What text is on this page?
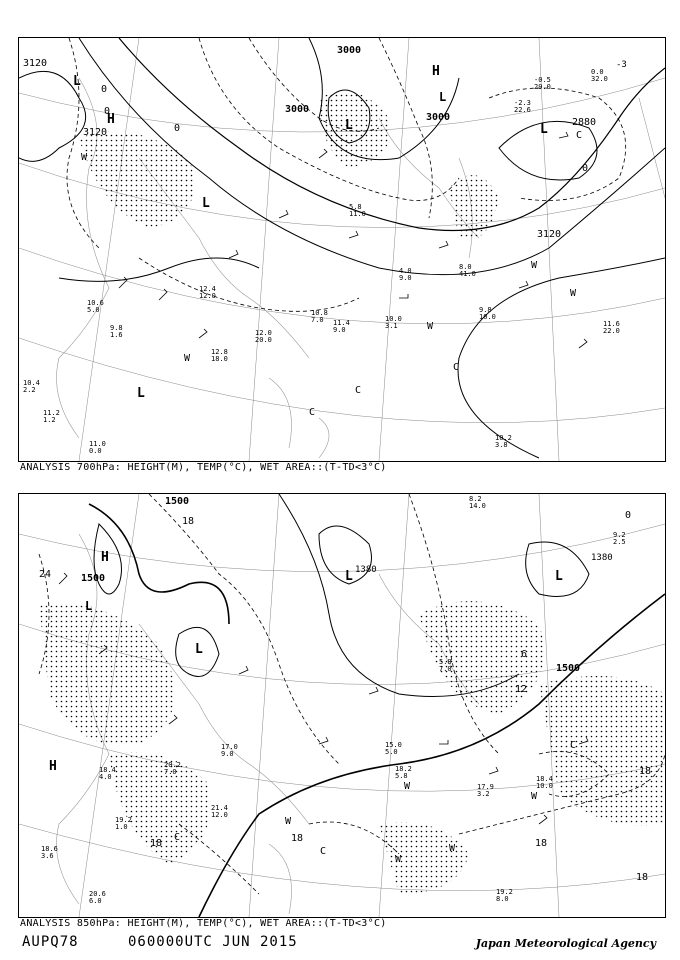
L
H	L	L
L
H
L
L
W
W
W
W
W
C
C
C
C
3120
3120
3000
3000
3000	2880
3120
0
0
0
-3
0
10.6
5.0
9.8
1.6
10.4
2.2
11.2
1.2
11.0
0.0
12.8
18.0
12.0
20.0
10.8
7.0	11.4
9.0
10.0
3.1
9.8
10.0
11.6
22.0
10.2
3.8
8.0
41.0
-2.3
22.6
-0.5
29.0
0.0
32.0
5.8
11.0
12.4
12.0
4.0
9.0
ANALYSIS 700hPa: HEIGHT(M), TEMP(°C), WET AREA::(T-TD<3°C)
H
L	L
L
L
H
W
W
W
W
C
C
C
W
1500
1500
1500
1380
1380
24
18
18	18	18
18
18
6
0
12
17.9
3.2
18.4
10.0
19.2
8.0
20.6
6.0
18.4
4.0
19.2
1.0
21.4
12.0
15.0
5.0
18.2
5.8
17.0
9.0
20.2
7.0
18.6
3.6
8.2
14.0
9.2
2.5
5.8
7.0
ANALYSIS 850hPa: HEIGHT(M), TEMP(°C), WET AREA::(T-TD<3°C)
AUPQ78	060000UTC JUN 2015	Japan Meteorological Agency
